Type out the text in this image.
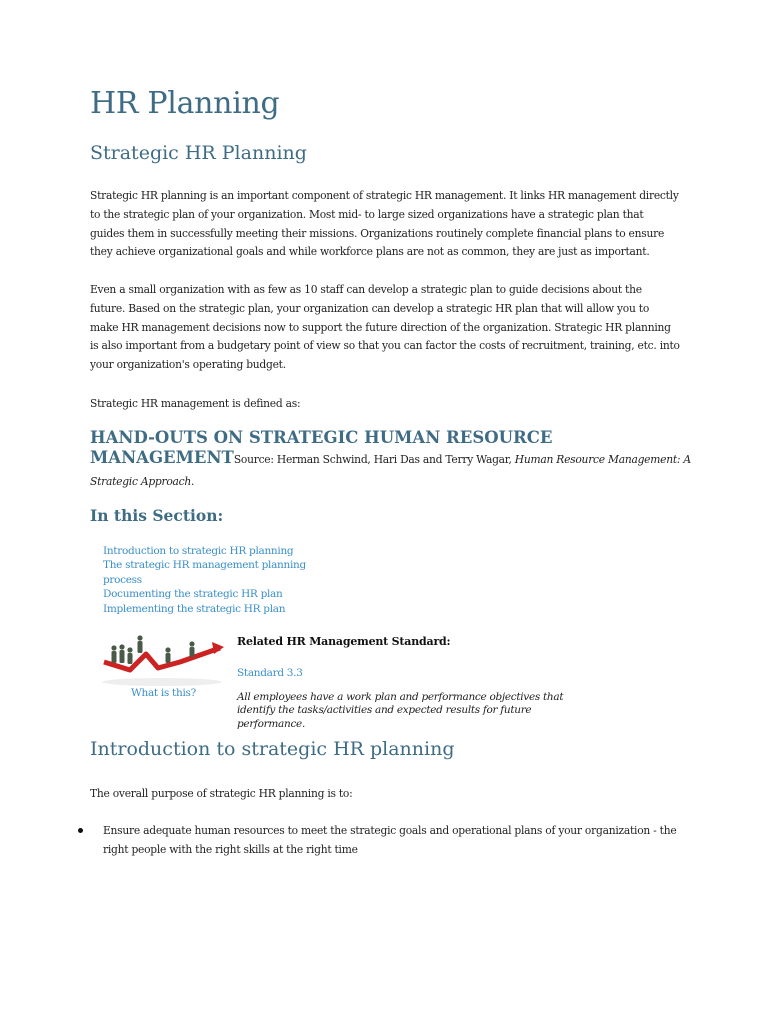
HR Planning
Strategic HR Planning

Strategic HR planning is an important component of strategic HR management. It links HR management directly to the strategic plan of your organization. Most mid- to large sized organizations have a strategic plan that guides them in successfully meeting their missions. Organizations routinely complete financial plans to ensure they achieve organizational goals and while workforce plans are not as common, they are just as important.

Even a small organization with as few as 10 staff can develop a strategic plan to guide decisions about the future. Based on the strategic plan, your organization can develop a strategic HR plan that will allow you to make HR management decisions now to support the future direction of the organization. Strategic HR planning is also important from a budgetary point of view so that you can factor the costs of recruitment, training, etc. into your organization's operating budget.

Strategic HR management is defined as:

HAND-OUTS ON STRATEGIC HUMAN RESOURCE MANAGEMENTSource: Herman Schwind, Hari Das and Terry Wagar, Human Resource Management: A Strategic Approach.
In this Section:
Introduction to strategic HR planning
The strategic HR management planning process
Documenting the strategic HR plan
Implementing the strategic HR plan
What is this?
Related HR Management Standard:
Standard 3.3

All employees have a work plan and performance objectives that identify the tasks/activities and expected results for future performance.

Introduction to strategic HR planning

The overall purpose of strategic HR planning is to:

Ensure adequate human resources to meet the strategic goals and operational plans of your organization - the right people with the right skills at the right time
